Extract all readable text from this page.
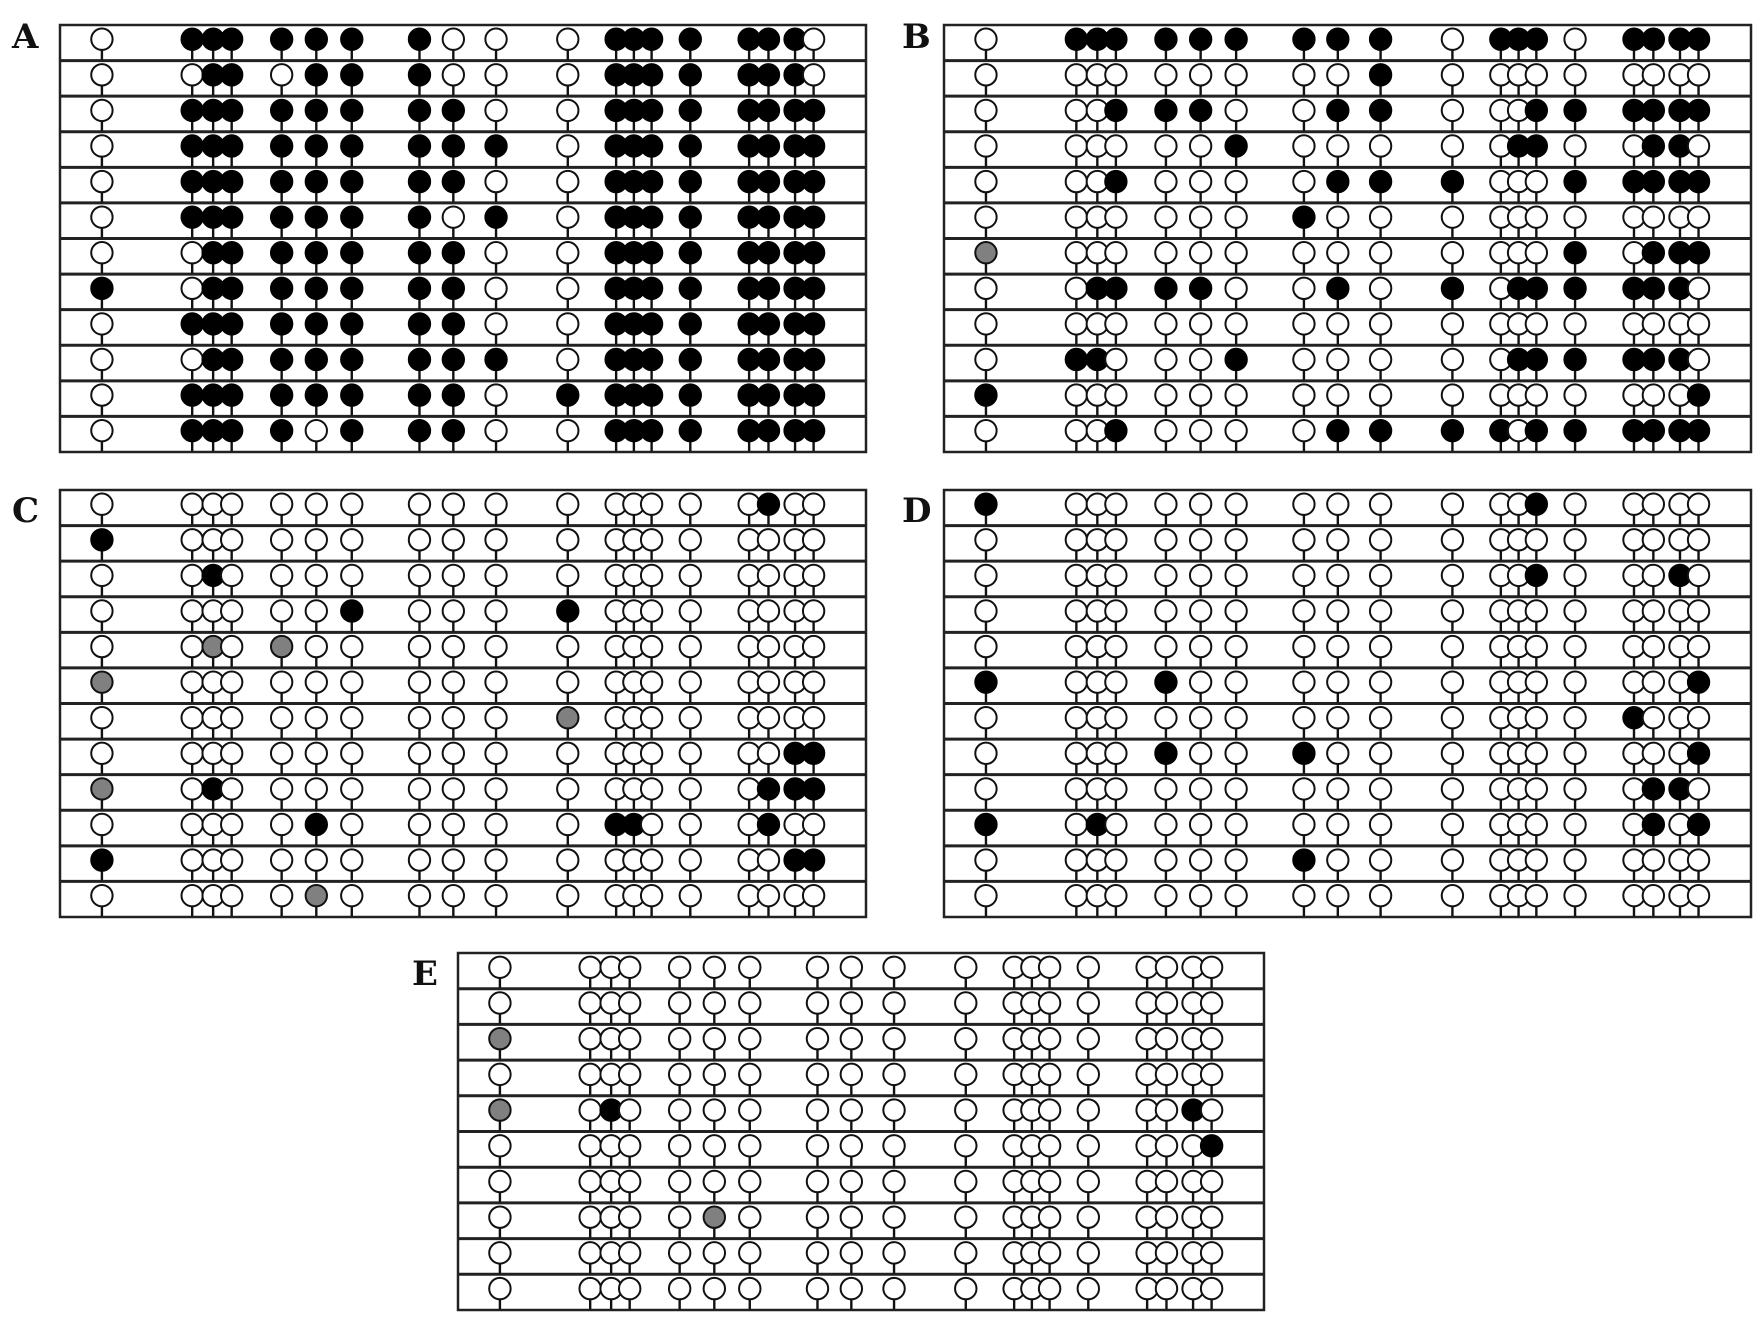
A	B
C	D
E
